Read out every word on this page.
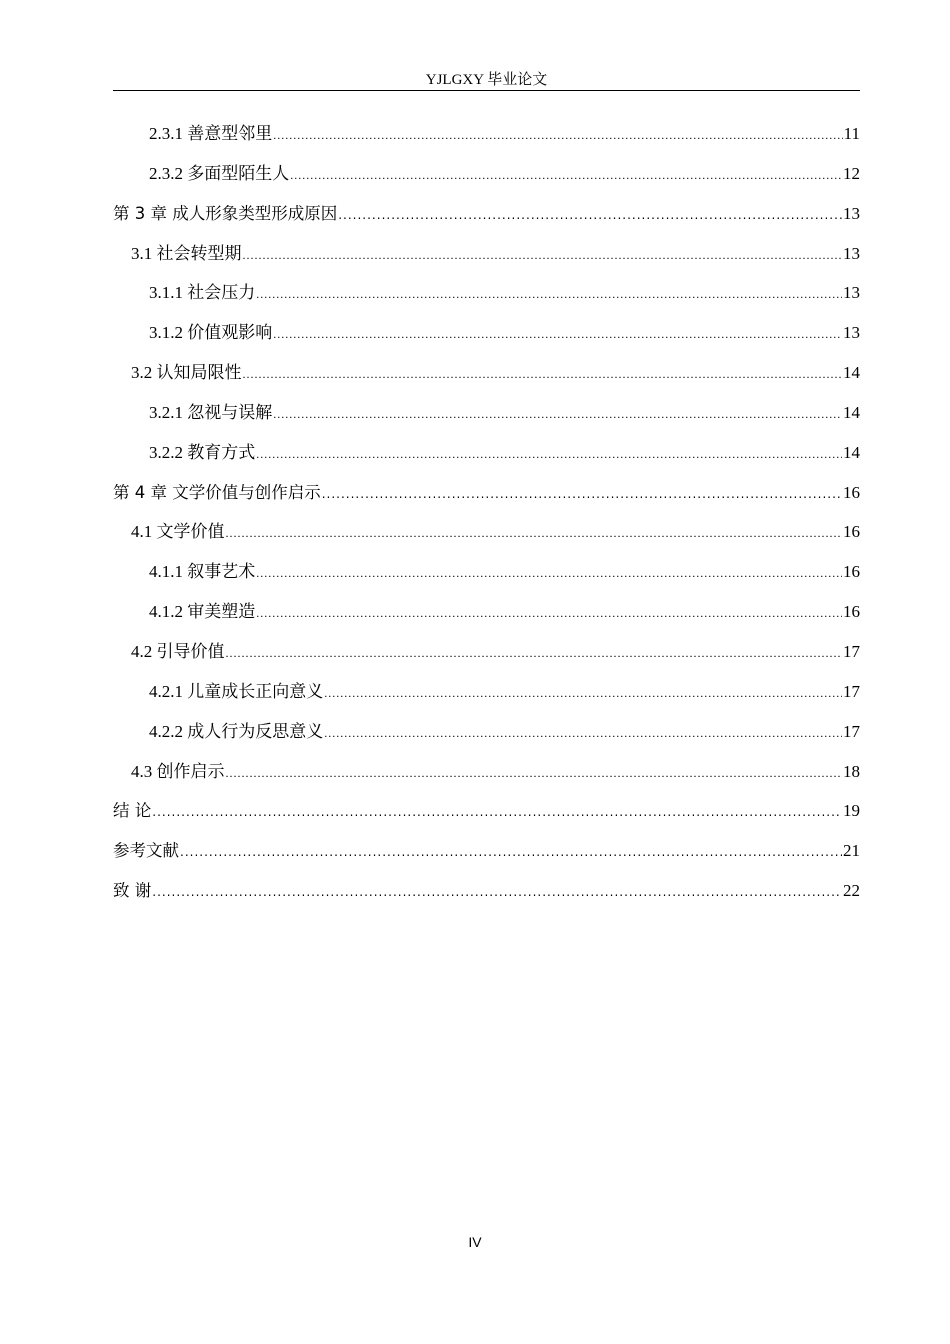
YJLGXY 毕业论文
2.3.1 善意型邻里 .....	11
2.3.2 多面型陌生人 .....	12
第 3 章 成人形象类型形成原因 .....	13
3.1 社会转型期 .....	13
3.1.1 社会压力 .....	13
3.1.2 价值观影响 .....	13
3.2 认知局限性 .....	14
3.2.1 忽视与误解 .....	14
3.2.2 教育方式 .....	14
第 4 章 文学价值与创作启示 .....	16
4.1 文学价值 .....	16
4.1.1 叙事艺术 .....	16
4.1.2 审美塑造 .....	16
4.2 引导价值 .....	17
4.2.1 儿童成长正向意义 .....	17
4.2.2 成人行为反思意义 .....	17
4.3 创作启示 .....	18
结 论 .....	19
参考文献 .....	21
致 谢 .....	22
IV
